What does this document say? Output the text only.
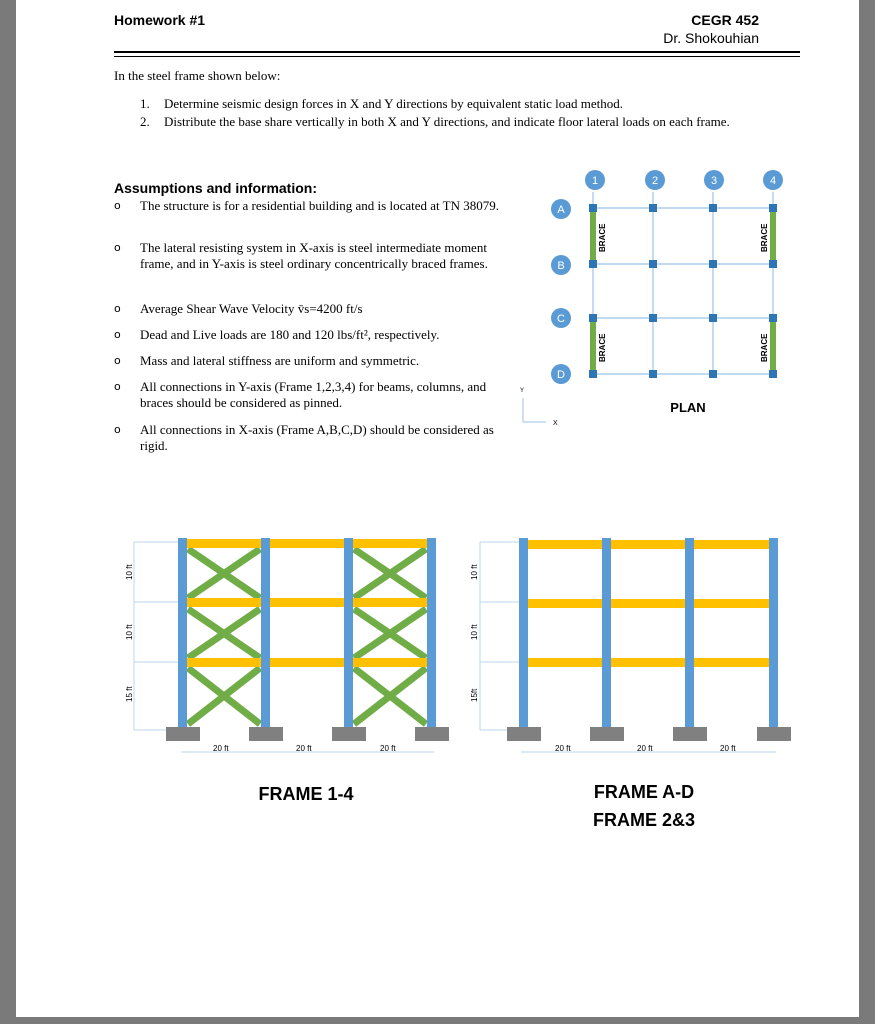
Homework #1	CEGR 452
Dr. Shokouhian
In the steel frame shown below:
1. Determine seismic design forces in X and Y directions by equivalent static load method.
2. Distribute the base share vertically in both X and Y directions, and indicate floor lateral loads on each frame.
Assumptions and information:
o The structure is for a residential building and is located at TN 38079.
o The lateral resisting system in X-axis is steel intermediate moment frame, and in Y-axis is steel ordinary concentrically braced frames.
o Average Shear Wave Velocity v̄s=4200 ft/s
o Dead and Live loads are 180 and 120 lbs/ft², respectively.
o Mass and lateral stiffness are uniform and symmetric.
o All connections in Y-axis (Frame 1,2,3,4) for beams, columns, and braces should be considered as pinned.
o All connections in X-axis (Frame A,B,C,D) should be considered as rigid.
BRACE	BRACE
BRACE	BRACE
1	2	3	4
A
B
C
D
PLAN
Y
X
10 ft
10 ft
15 ft
20 ft	20 ft	20 ft
FRAME 1-4
10 ft
10 ft
15ft
20 ft	20 ft	20 ft
FRAME A-D
FRAME 2&3
